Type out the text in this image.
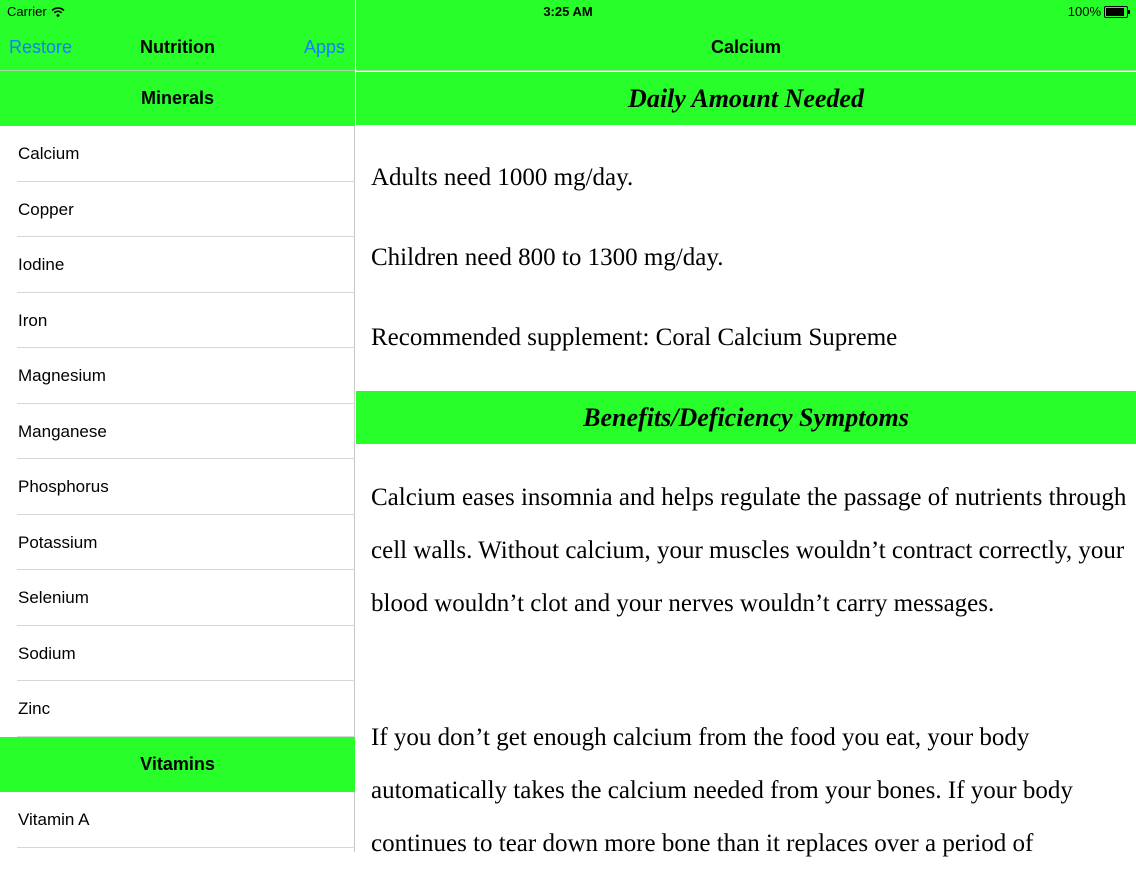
Restore	Nutrition	Apps
Minerals
Calcium
Copper
Iodine
Iron
Magnesium
Manganese
Phosphorus
Potassium
Selenium
Sodium
Zinc
Vitamins
Vitamin A
Calcium
Daily Amount Needed

Adults need 1000 mg/day.

Children need 800 to 1300 mg/day.

Recommended supplement: Coral Calcium Supreme

Benefits/Deficiency Symptoms

Calcium eases insomnia and helps regulate the passage of nutrients through cell walls. Without calcium, your muscles wouldn’t contract correctly, your blood wouldn’t clot and your nerves wouldn’t carry messages.

If you don’t get enough calcium from the food you eat, your body automatically takes the calcium needed from your bones. If your body continues to tear down more bone than it replaces over a period of

Carrier	3:25 AM	100%
